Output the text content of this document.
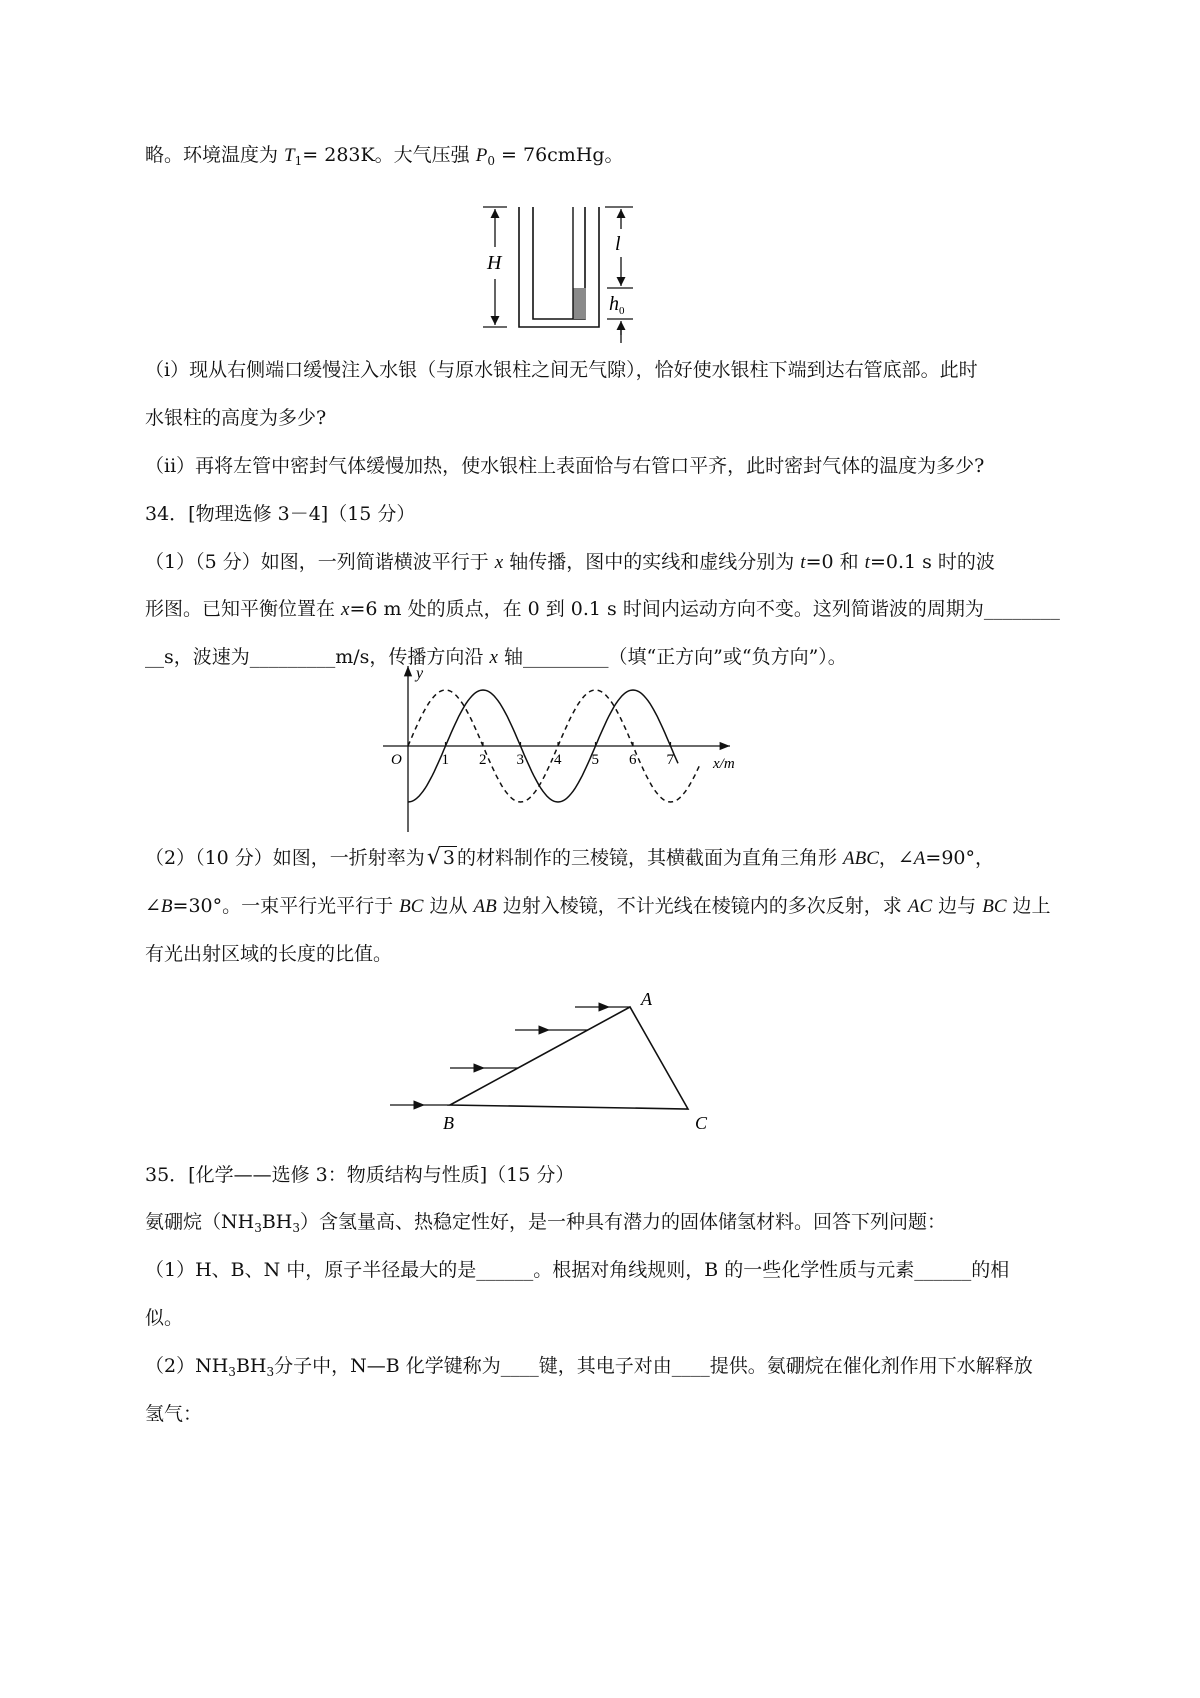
略。环境温度为 $T_1= 283K$。大气压强 $P_0$ = 76cmHg。
H
l
$h_0$
（i）现从右侧端口缓慢注入水银（与原水银柱之间无气隙），恰好使水银柱下端到达右管底部。此时
水银柱的高度为多少?
（ii）再将左管中密封气体缓慢加热，使水银柱上表面恰与右管口平齐，此时密封气体的温度为多少?
34．[物理选修 3－4]（15 分）
（1）（5 分）如图，一列简谐横波平行于 x 轴传播，图中的实线和虚线分别为 t=0 和 t=0.1 s 时的波
形图。已知平衡位置在 x=6 m 处的质点，在 0 到 0.1 s 时间内运动方向不变。这列简谐波的周期为________
__s，波速为_________m/s，传播方向沿 x 轴_________（填“正方向”或“负方向”）。
1 2 3 4 5 6 7
O
y
x/m
（2）（10 分）如图，一折射率为√ 3 的材料制作的三棱镜，其横截面为直角三角形 ABC，∠A=90°，
∠B=30°。一束平行光平行于 BC 边从 AB 边射入棱镜，不计光线在棱镜内的多次反射，求 AC 边与 BC 边上
有光出射区域的长度的比值。
A
B	C
35．[化学——选修 3：物质结构与性质]（15 分）
氨硼烷$(NH_3BH_3)$含氢量高、热稳定性好，是一种具有潜力的固体储氢材料。回答下列问题：
（1）H、B、N 中，原子半径最大的是______。根据对角线规则，B 的一些化学性质与元素______的相
似。
$(2)NH_3BH_3$分子中，N—B 化学键称为____键，其电子对由____提供。氨硼烷在催化剂作用下水解释放
氢气：
